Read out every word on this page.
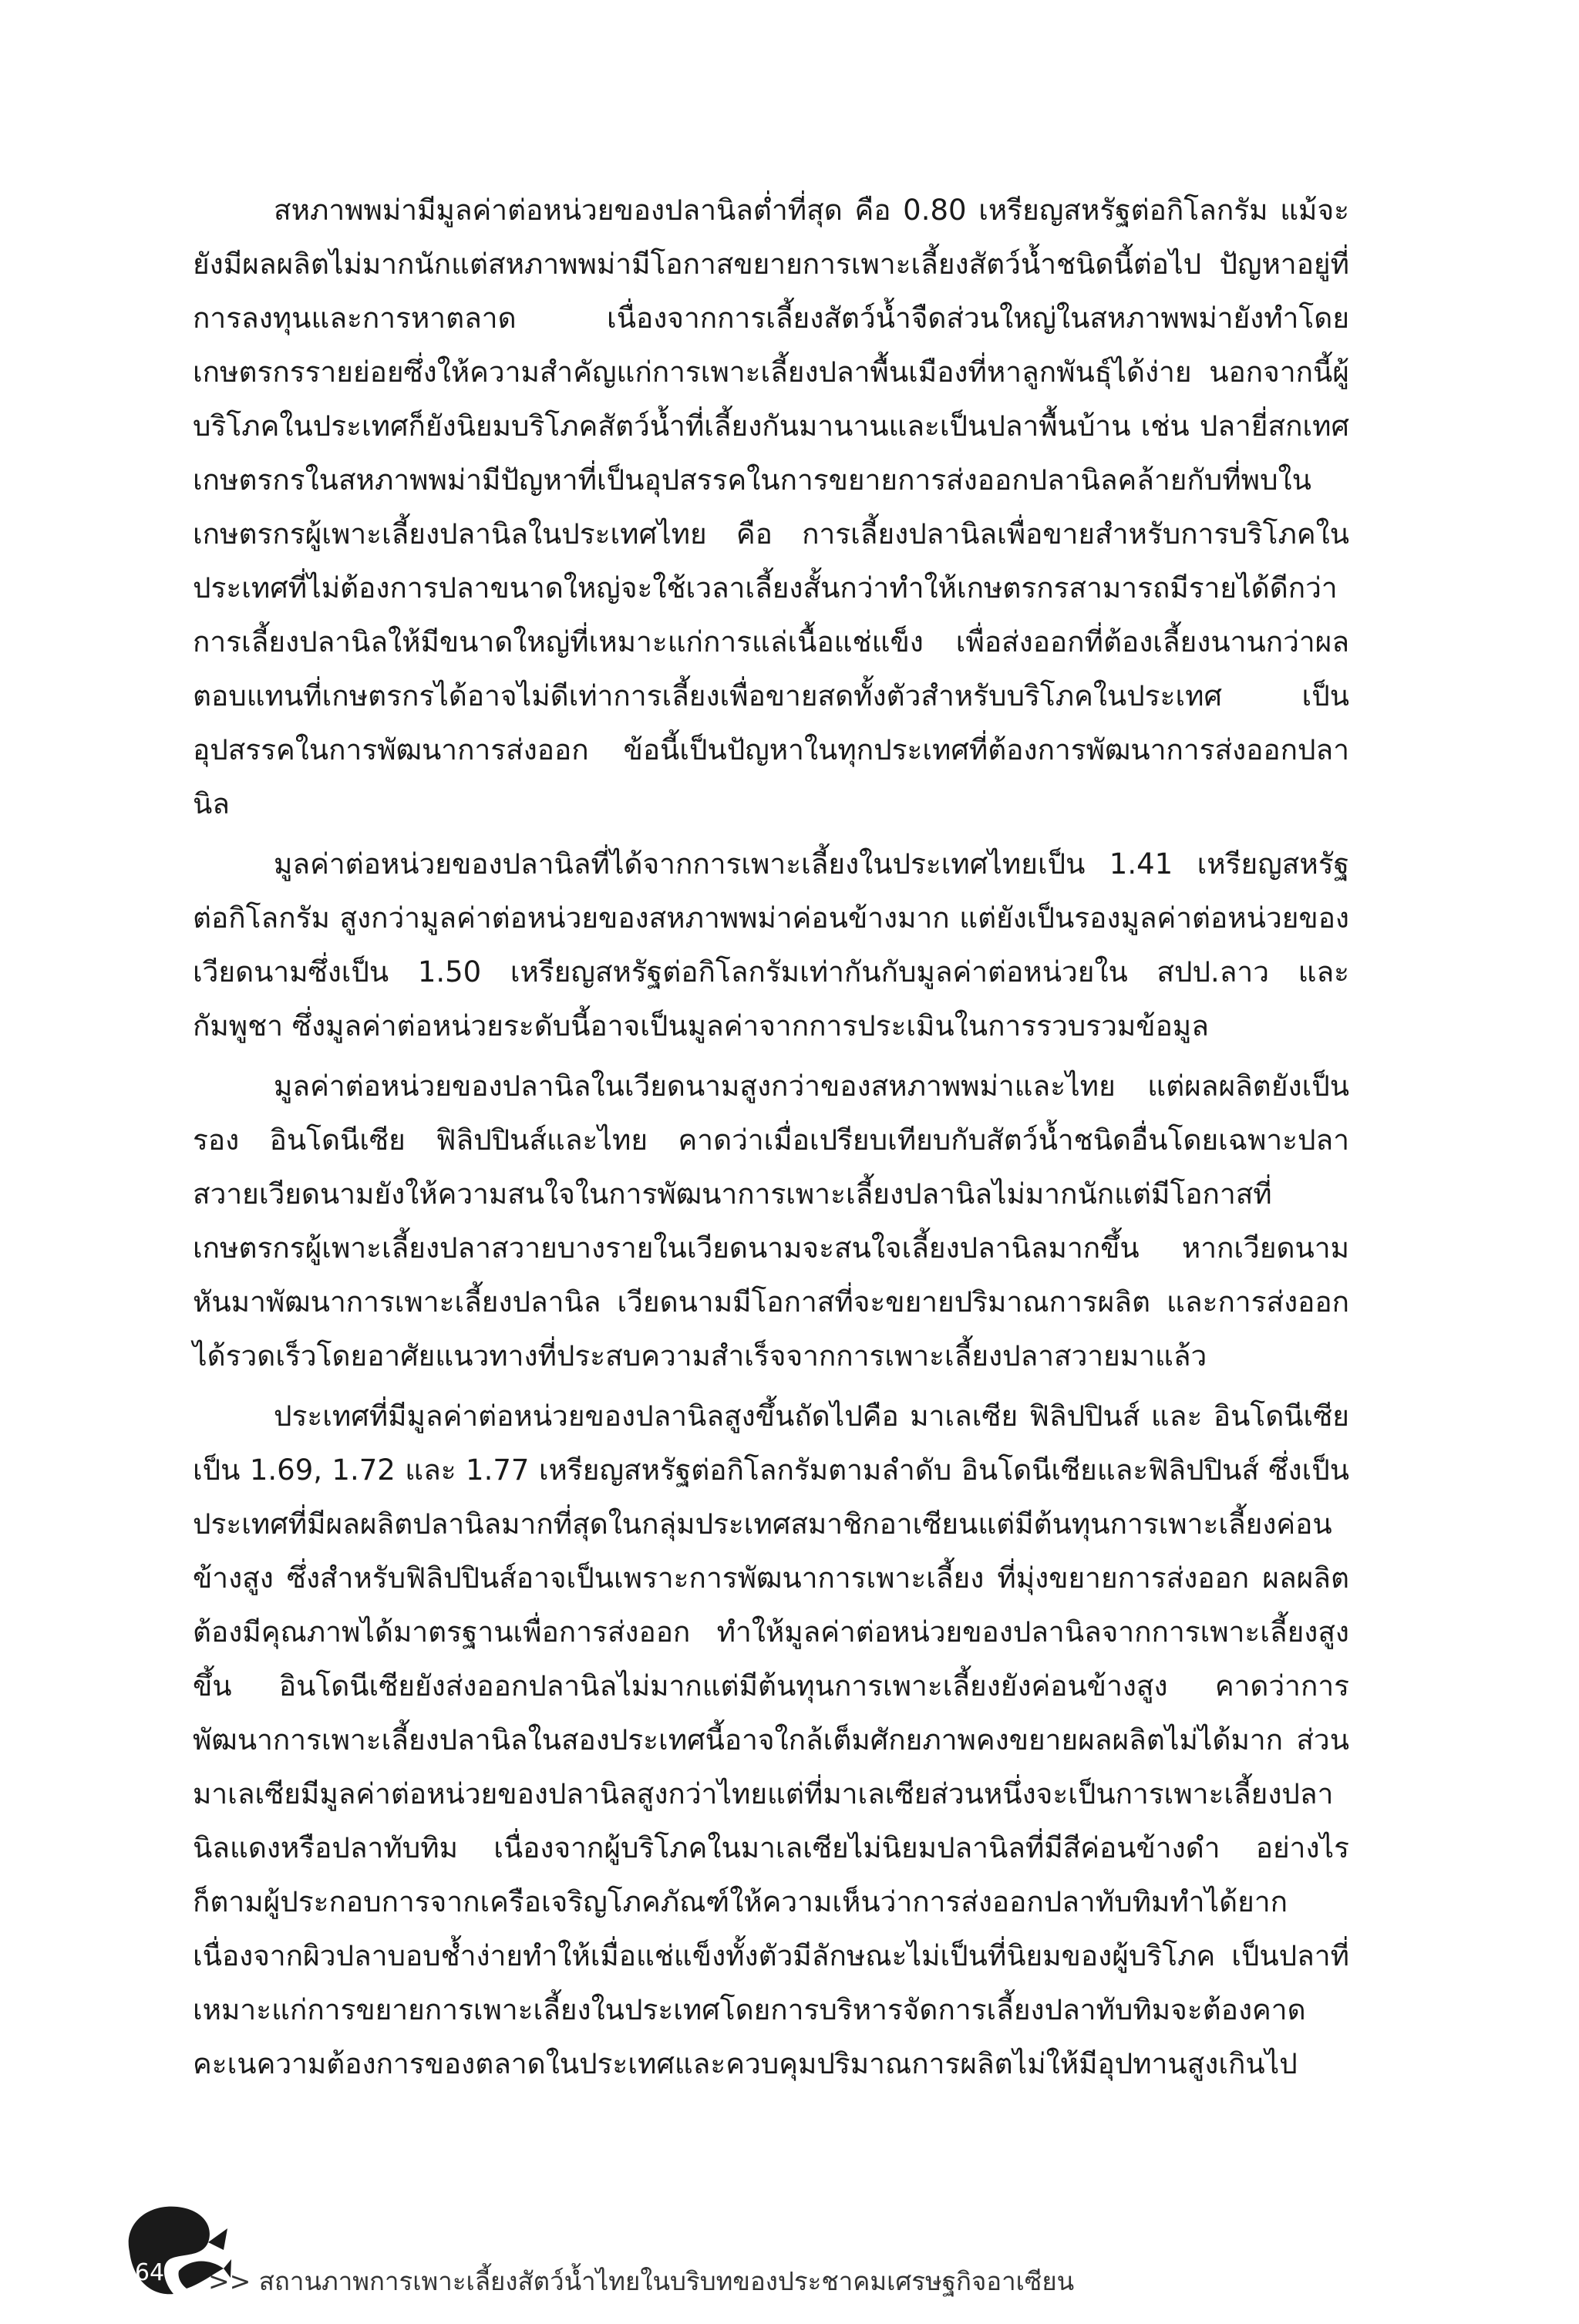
สหภาพพม่ามีมูลค่าต่อหน่วยของปลานิลต่ำที่สุด คือ 0.80 เหรียญสหรัฐต่อกิโลกรัม แม้จะยังมีผลผลิตไม่มากนักแต่สหภาพพม่ามีโอกาสขยายการเพาะเลี้ยงสัตว์น้ำชนิดนี้ต่อไป ปัญหาอยู่ที่การลงทุนและการหาตลาด เนื่องจากการเลี้ยงสัตว์น้ำจืดส่วนใหญ่ในสหภาพพม่ายังทำโดยเกษตรกรรายย่อยซึ่งให้ความสำคัญแก่การเพาะเลี้ยงปลาพื้นเมืองที่หาลูกพันธุ์ได้ง่าย นอกจากนี้ผู้บริโภคในประเทศก็ยังนิยมบริโภคสัตว์น้ำที่เลี้ยงกันมานานและเป็นปลาพื้นบ้าน เช่น ปลายี่สกเทศ เกษตรกรในสหภาพพม่ามีปัญหาที่เป็นอุปสรรคในการขยายการส่งออกปลานิลคล้ายกับที่พบในเกษตรกรผู้เพาะเลี้ยงปลานิลในประเทศไทย คือ การเลี้ยงปลานิลเพื่อขายสำหรับการบริโภคในประเทศที่ไม่ต้องการปลาขนาดใหญ่จะใช้เวลาเลี้ยงสั้นกว่าทำให้เกษตรกรสามารถมีรายได้ดีกว่าการเลี้ยงปลานิลให้มีขนาดใหญ่ที่เหมาะแก่การแล่เนื้อแช่แข็ง เพื่อส่งออกที่ต้องเลี้ยงนานกว่าผลตอบแทนที่เกษตรกรได้อาจไม่ดีเท่าการเลี้ยงเพื่อขายสดทั้งตัวสำหรับบริโภคในประเทศ เป็นอุปสรรคในการพัฒนาการส่งออก ข้อนี้เป็นปัญหาในทุกประเทศที่ต้องการพัฒนาการส่งออกปลานิล

มูลค่าต่อหน่วยของปลานิลที่ได้จากการเพาะเลี้ยงในประเทศไทยเป็น 1.41 เหรียญสหรัฐต่อกิโลกรัม สูงกว่ามูลค่าต่อหน่วยของสหภาพพม่าค่อนข้างมาก แต่ยังเป็นรองมูลค่าต่อหน่วยของเวียดนามซึ่งเป็น 1.50 เหรียญสหรัฐต่อกิโลกรัมเท่ากันกับมูลค่าต่อหน่วยใน สปป.ลาว และกัมพูชา ซึ่งมูลค่าต่อหน่วยระดับนี้อาจเป็นมูลค่าจากการประเมินในการรวบรวมข้อมูล

มูลค่าต่อหน่วยของปลานิลในเวียดนามสูงกว่าของสหภาพพม่าและไทย แต่ผลผลิตยังเป็นรอง อินโดนีเซีย ฟิลิปปินส์และไทย คาดว่าเมื่อเปรียบเทียบกับสัตว์น้ำชนิดอื่นโดยเฉพาะปลาสวายเวียดนามยังให้ความสนใจในการพัฒนาการเพาะเลี้ยงปลานิลไม่มากนักแต่มีโอกาสที่เกษตรกรผู้เพาะเลี้ยงปลาสวายบางรายในเวียดนามจะสนใจเลี้ยงปลานิลมากขึ้น หากเวียดนามหันมาพัฒนาการเพาะเลี้ยงปลานิล เวียดนามมีโอกาสที่จะขยายปริมาณการผลิต และการส่งออกได้รวดเร็วโดยอาศัยแนวทางที่ประสบความสำเร็จจากการเพาะเลี้ยงปลาสวายมาแล้ว

ประเทศที่มีมูลค่าต่อหน่วยของปลานิลสูงขึ้นถัดไปคือ มาเลเซีย ฟิลิปปินส์ และ อินโดนีเซีย เป็น 1.69, 1.72 และ 1.77 เหรียญสหรัฐต่อกิโลกรัมตามลำดับ อินโดนีเซียและฟิลิปปินส์ ซึ่งเป็นประเทศที่มีผลผลิตปลานิลมากที่สุดในกลุ่มประเทศสมาชิกอาเซียนแต่มีต้นทุนการเพาะเลี้ยงค่อนข้างสูง ซึ่งสำหรับฟิลิปปินส์อาจเป็นเพราะการพัฒนาการเพาะเลี้ยง ที่มุ่งขยายการส่งออก ผลผลิตต้องมีคุณภาพได้มาตรฐานเพื่อการส่งออก ทำให้มูลค่าต่อหน่วยของปลานิลจากการเพาะเลี้ยงสูงขึ้น อินโดนีเซียยังส่งออกปลานิลไม่มากแต่มีต้นทุนการเพาะเลี้ยงยังค่อนข้างสูง คาดว่าการพัฒนาการเพาะเลี้ยงปลานิลในสองประเทศนี้อาจใกล้เต็มศักยภาพคงขยายผลผลิตไม่ได้มาก ส่วนมาเลเซียมีมูลค่าต่อหน่วยของปลานิลสูงกว่าไทยแต่ที่มาเลเซียส่วนหนึ่งจะเป็นการเพาะเลี้ยงปลานิลแดงหรือปลาทับทิม เนื่องจากผู้บริโภคในมาเลเซียไม่นิยมปลานิลที่มีสีค่อนข้างดำ อย่างไรก็ตามผู้ประกอบการจากเครือเจริญโภคภัณฑ์ให้ความเห็นว่าการส่งออกปลาทับทิมทำได้ยาก เนื่องจากผิวปลาบอบช้ำง่ายทำให้เมื่อแช่แข็งทั้งตัวมีลักษณะไม่เป็นที่นิยมของผู้บริโภค เป็นปลาที่เหมาะแก่การขยายการเพาะเลี้ยงในประเทศโดยการบริหารจัดการเลี้ยงปลาทับทิมจะต้องคาดคะเนความต้องการของตลาดในประเทศและควบคุมปริมาณการผลิตไม่ให้มีอุปทานสูงเกินไป

64	>> สถานภาพการเพาะเลี้ยงสัตว์น้ำไทยในบริบทของประชาคมเศรษฐกิจอาเซียน
